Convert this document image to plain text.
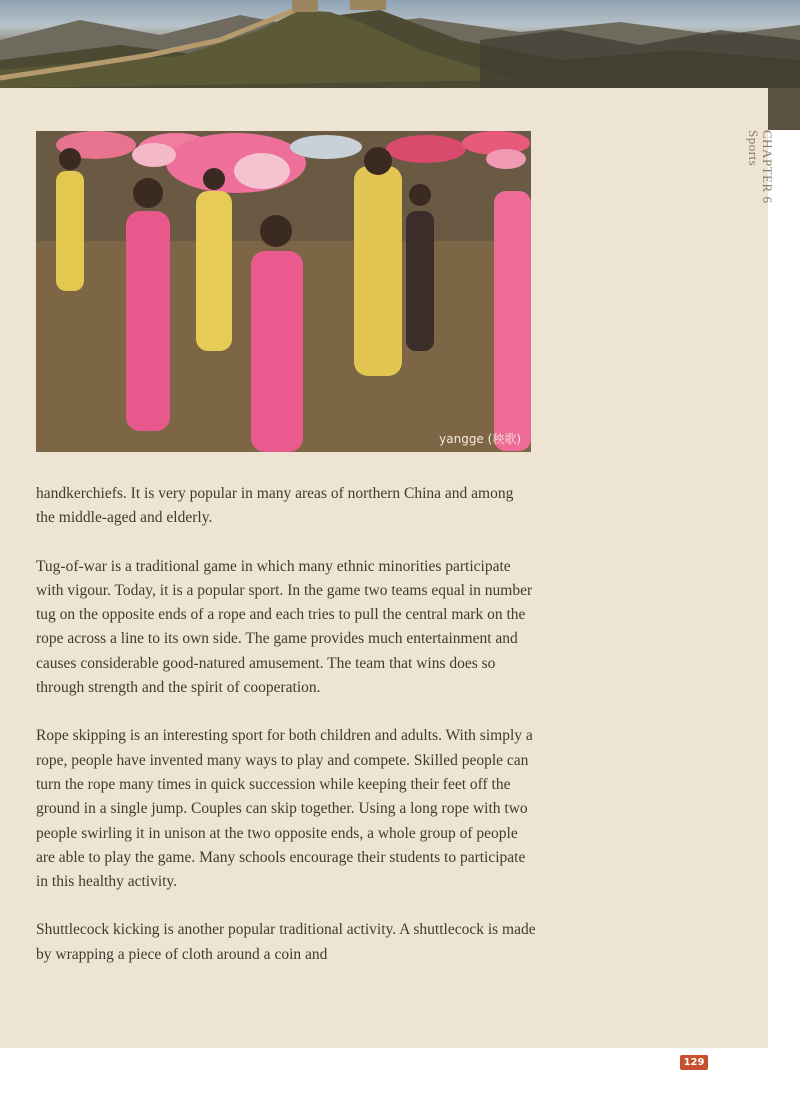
CHAPTER 6
Sports
yangge (秧歌)

handkerchiefs. It is very popular in many areas of northern China and among the middle-aged and elderly.

Tug-of-war is a traditional game in which many ethnic minorities participate with vigour. Today, it is a popular sport. In the game two teams equal in number tug on the opposite ends of a rope and each tries to pull the central mark on the rope across a line to its own side. The game provides much entertainment and causes considerable good-natured amusement. The team that wins does so through strength and the spirit of cooperation.

Rope skipping is an interesting sport for both children and adults. With simply a rope, people have invented many ways to play and compete. Skilled people can turn the rope many times in quick succession while keeping their feet off the ground in a single jump. Couples can skip together. Using a long rope with two people swirling it in unison at the two opposite ends, a whole group of people are able to play the game. Many schools encourage their students to participate in this healthy activity.

Shuttlecock kicking is another popular traditional activity. A shuttlecock is made by wrapping a piece of cloth around a coin and

129
